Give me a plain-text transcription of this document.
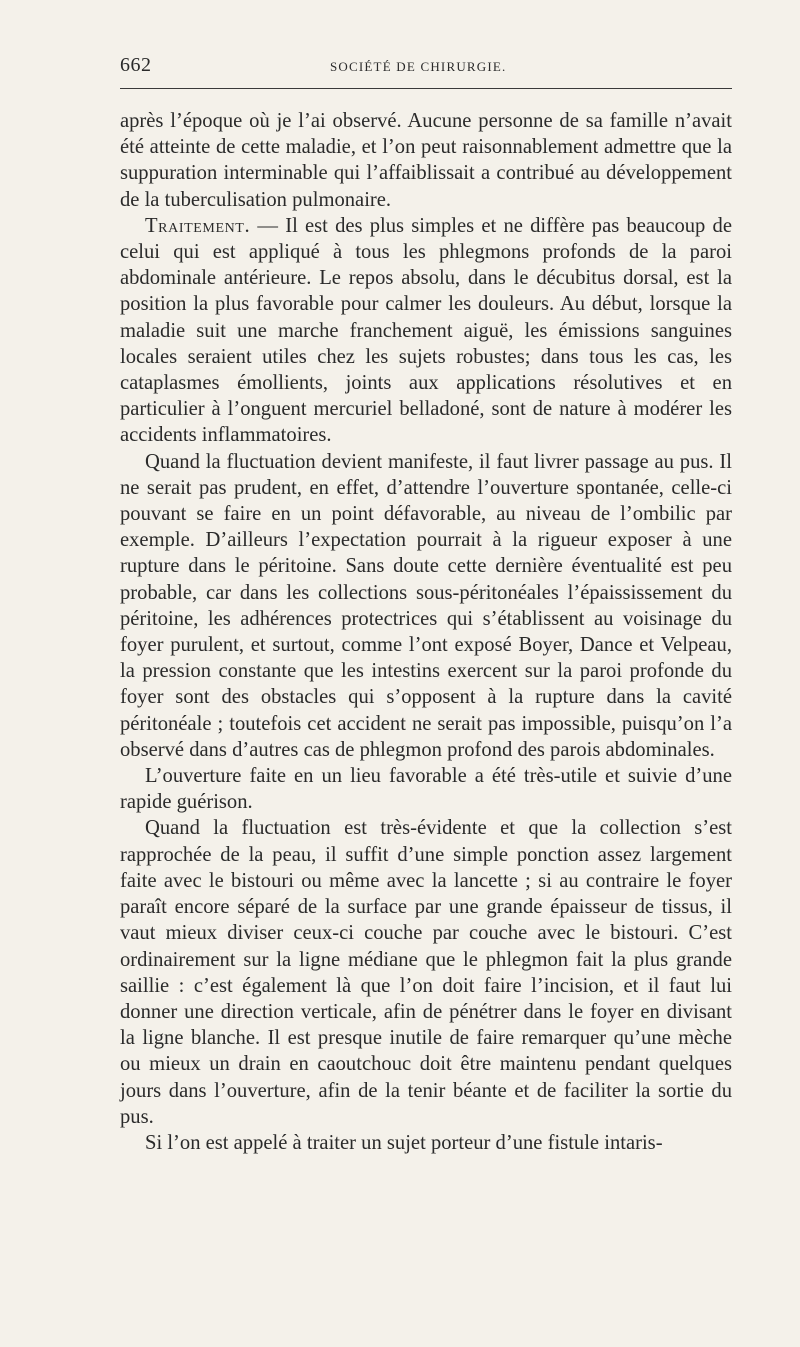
662	SOCIÉTÉ DE CHIRURGIE.

après l’époque où je l’ai observé. Aucune personne de sa famille n’avait été atteinte de cette maladie, et l’on peut raisonnablement admettre que la suppuration interminable qui l’affaiblissait a contribué au développement de la tuberculisation pulmonaire.

Traitement. — Il est des plus simples et ne diffère pas beaucoup de celui qui est appliqué à tous les phlegmons profonds de la paroi abdominale antérieure. Le repos absolu, dans le décubitus dorsal, est la position la plus favorable pour calmer les douleurs. Au début, lorsque la maladie suit une marche franchement aiguë, les émissions sanguines locales seraient utiles chez les sujets robustes; dans tous les cas, les cataplasmes émollients, joints aux applications résolutives et en particulier à l’onguent mercuriel belladoné, sont de nature à modérer les accidents inflammatoires.

Quand la fluctuation devient manifeste, il faut livrer passage au pus. Il ne serait pas prudent, en effet, d’attendre l’ouverture spontanée, celle-ci pouvant se faire en un point défavorable, au niveau de l’ombilic par exemple. D’ailleurs l’expectation pourrait à la rigueur exposer à une rupture dans le péritoine. Sans doute cette dernière éventualité est peu probable, car dans les collections sous-péritonéales l’épaississement du péritoine, les adhérences protectrices qui s’établissent au voisinage du foyer purulent, et surtout, comme l’ont exposé Boyer, Dance et Velpeau, la pression constante que les intestins exercent sur la paroi profonde du foyer sont des obstacles qui s’opposent à la rupture dans la cavité péritonéale ; toutefois cet accident ne serait pas impossible, puisqu’on l’a observé dans d’autres cas de phlegmon profond des parois abdominales.

L’ouverture faite en un lieu favorable a été très-utile et suivie d’une rapide guérison.

Quand la fluctuation est très-évidente et que la collection s’est rapprochée de la peau, il suffit d’une simple ponction assez largement faite avec le bistouri ou même avec la lancette ; si au contraire le foyer paraît encore séparé de la surface par une grande épaisseur de tissus, il vaut mieux diviser ceux-ci couche par couche avec le bistouri. C’est ordinairement sur la ligne médiane que le phlegmon fait la plus grande saillie : c’est également là que l’on doit faire l’incision, et il faut lui donner une direction verticale, afin de pénétrer dans le foyer en divisant la ligne blanche. Il est presque inutile de faire remarquer qu’une mèche ou mieux un drain en caoutchouc doit être maintenu pendant quelques jours dans l’ouverture, afin de la tenir béante et de faciliter la sortie du pus.

Si l’on est appelé à traiter un sujet porteur d’une fistule intaris-
